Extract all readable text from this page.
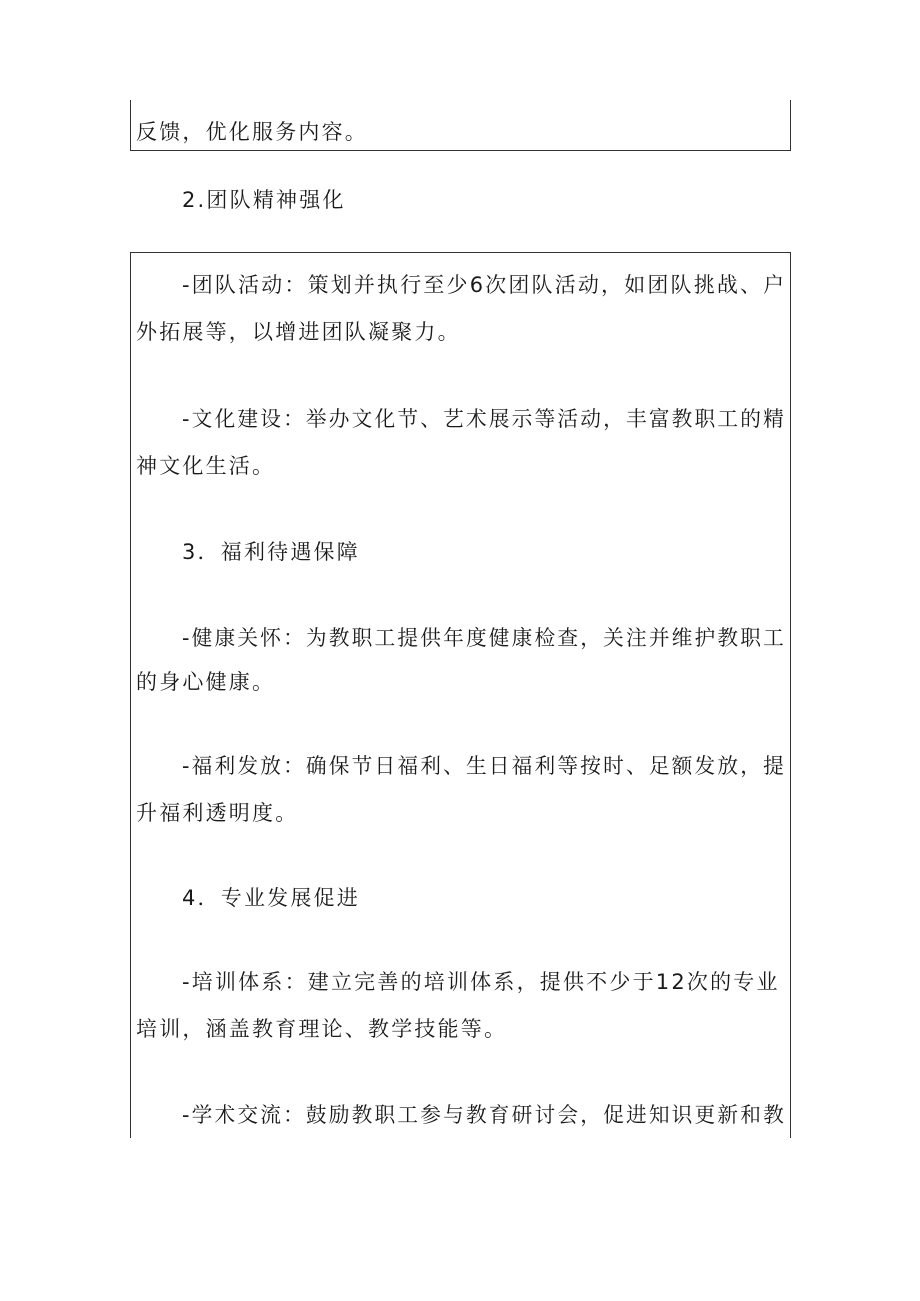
反馈，优化服务内容。
2.团队精神强化
-团队活动：策划并执行至少6次团队活动，如团队挑战、户
外拓展等，以增进团队凝聚力。
-文化建设：举办文化节、艺术展示等活动，丰富教职工的精
神文化生活。
3．福利待遇保障
-健康关怀：为教职工提供年度健康检查，关注并维护教职工
的身心健康。
-福利发放：确保节日福利、生日福利等按时、足额发放，提
升福利透明度。
4．专业发展促进
-培训体系：建立完善的培训体系，提供不少于12次的专业
培训，涵盖教育理论、教学技能等。
-学术交流：鼓励教职工参与教育研讨会，促进知识更新和教
